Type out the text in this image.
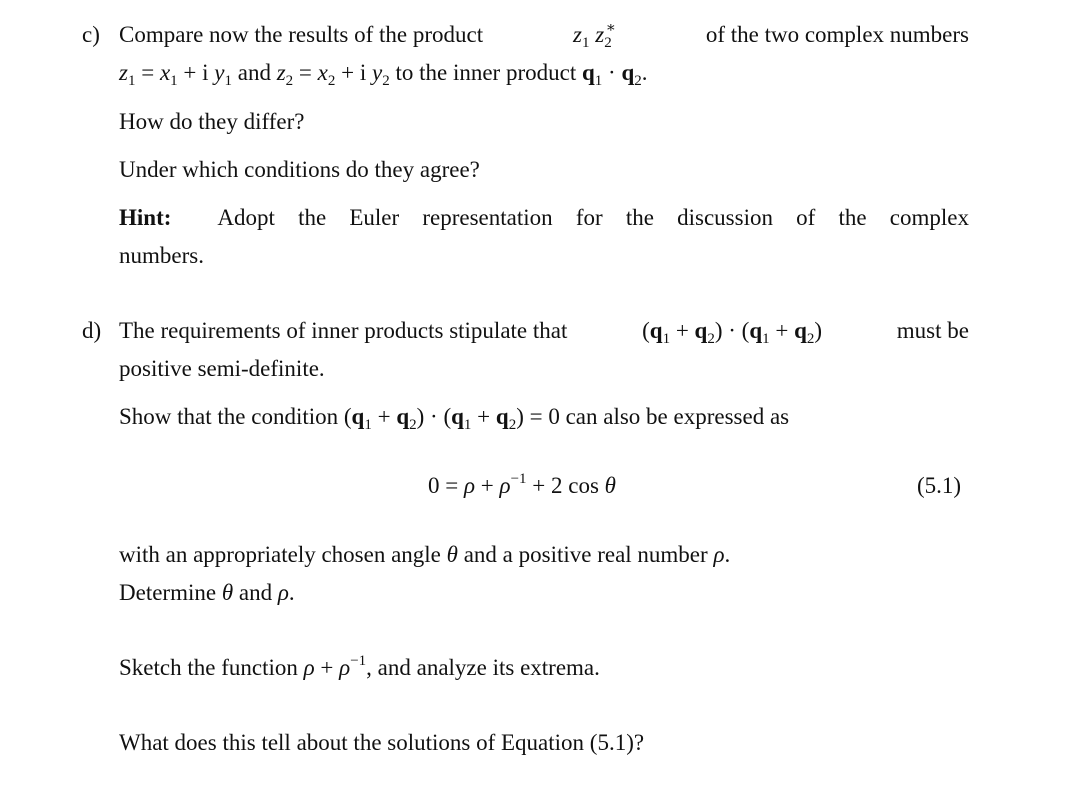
c) Compare now the results of the product	$z_1$ $z_2^∗$	of the two complex numbers
$z_1 = x_1 + i$ $y_1$ and $z_2 = x_2 + i$ $y_2$ to the inner product $q_1 \cdot q_2$.
How do they differ?
Under which conditions do they agree?
Hint: Adopt the Euler representation for the discussion of the complex
numbers.
d) The requirements of inner products stipulate that	$(q_1 + q_2) \cdot (q_1 + q_2)$	must be
positive semi-definite.
Show that the condition $(q_1 + q_2) \cdot (q_1 + q_2) = 0$ can also be expressed as
$0 = \rho + \rho^{-1} + 2$ cos θ	(5.1)
with an appropriately chosen angle θ and a positive real number ρ.
Determine θ and ρ.
Sketch the function $\rho + \rho^{-1}$, and analyze its extrema.
What does this tell about the solutions of Equation (5.1)?
